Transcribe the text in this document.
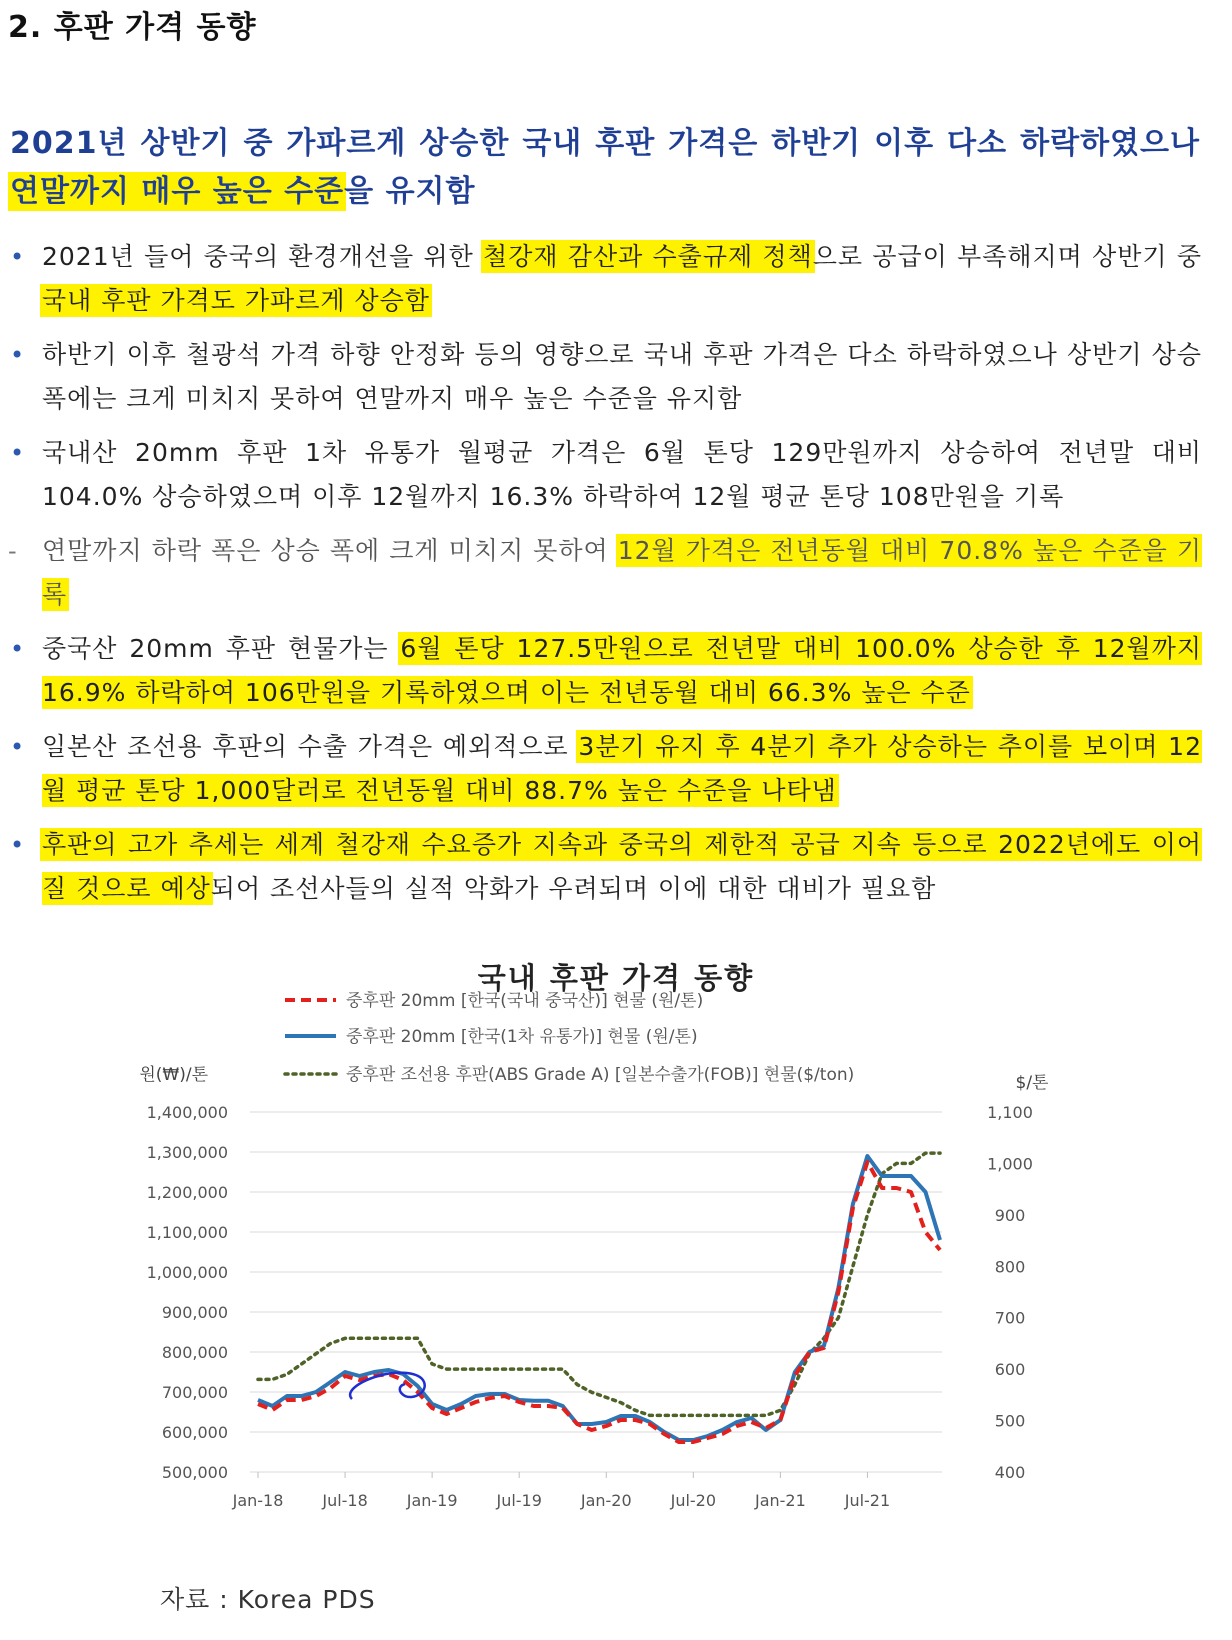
2. 후판 가격 동향
2021년 상반기 중 가파르게 상승한 국내 후판 가격은 하반기 이후 다소 하락하였으나 연말까지 매우 높은 수준을 유지함
• 2021년 들어 중국의 환경개선을 위한 철강재 감산과 수출규제 정책으로 공급이 부족해지며 상반기 중 국내 후판 가격도 가파르게 상승함
• 하반기 이후 철광석 가격 하향 안정화 등의 영향으로 국내 후판 가격은 다소 하락하였으나 상반기 상승 폭에는 크게 미치지 못하여 연말까지 매우 높은 수준을 유지함
• 국내산 20mm 후판 1차 유통가 월평균 가격은 6월 톤당 129만원까지 상승하여 전년말 대비 104.0% 상승하였으며 이후 12월까지 16.3% 하락하여 12월 평균 톤당 108만원을 기록
- 연말까지 하락 폭은 상승 폭에 크게 미치지 못하여 12월 가격은 전년동월 대비 70.8% 높은 수준을 기록
• 중국산 20mm 후판 현물가는 6월 톤당 127.5만원으로 전년말 대비 100.0% 상승한 후 12월까지 16.9% 하락하여 106만원을 기록하였으며 이는 전년동월 대비 66.3% 높은 수준
• 일본산 조선용 후판의 수출 가격은 예외적으로 3분기 유지 후 4분기 추가 상승하는 추이를 보이며 12월 평균 톤당 1,000달러로 전년동월 대비 88.7% 높은 수준을 나타냄
• 후판의 고가 추세는 세계 철강재 수요증가 지속과 중국의 제한적 공급 지속 등으로 2022년에도 이어질 것으로 예상되어 조선사들의 실적 악화가 우려되며 이에 대한 대비가 필요함
국내 후판 가격 동향
중후판 20mm [한국(국내 중국산)] 현물 (원/톤)
중후판 20mm [한국(1차 유통가)] 현물 (원/톤)
중후판 조선용 후판(ABS Grade A) [일본수출가(FOB)] 현물($/ton)
원(₩)/톤	$/톤
1,400,000
1,300,000
1,200,000
1,100,000
1,000,000
900,000
800,000
700,000
600,000
500,000
1,100
1,000
900
800
700
600
500
400
Jan-18 Jul-18 Jan-19 Jul-19 Jan-20 Jul-20 Jan-21 Jul-21
자료 : Korea PDS
